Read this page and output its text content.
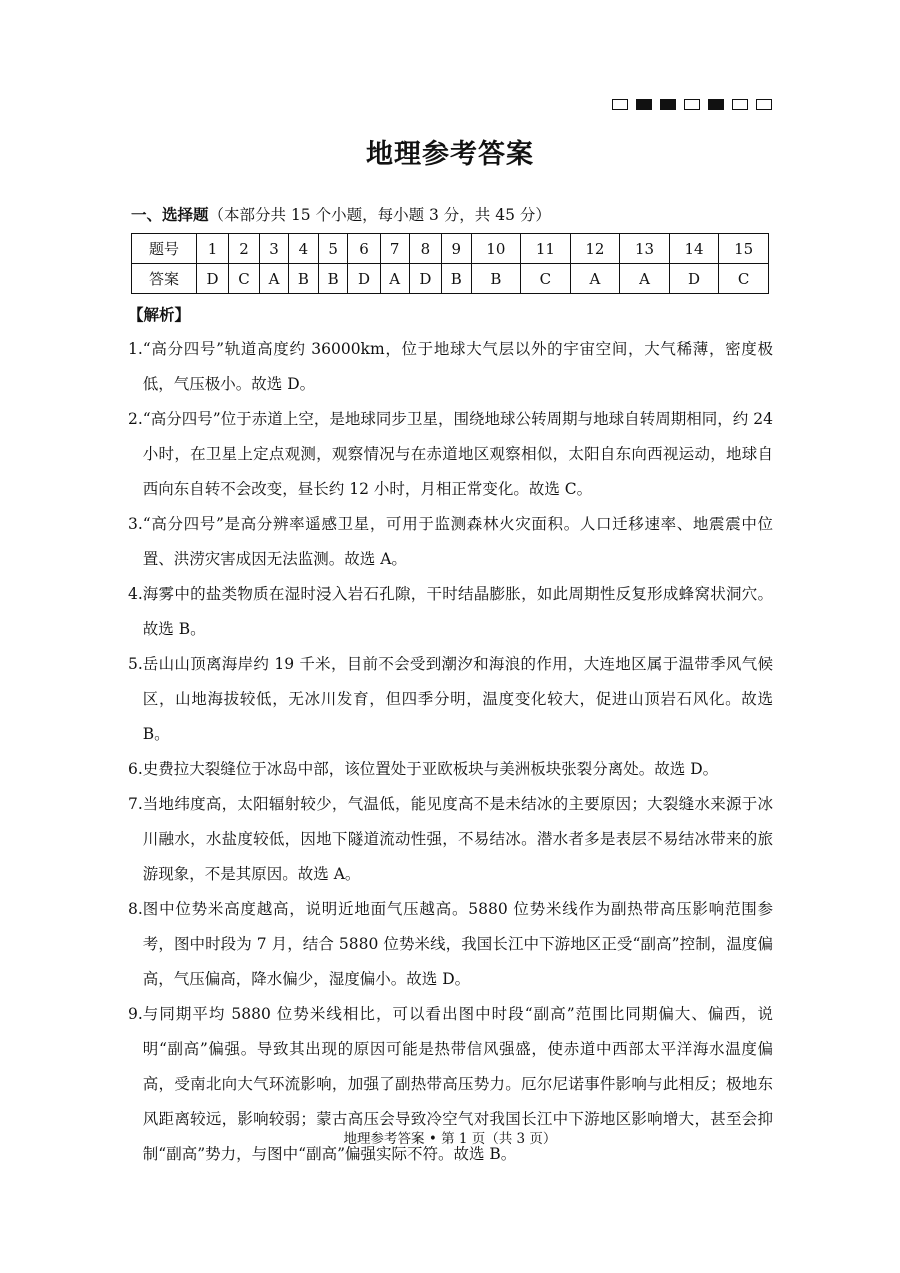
地理参考答案
一、选择题（本部分共 15 个小题，每小题 3 分，共 45 分）
题号	1	2	3	4	5	6	7	8	9	10	11	12	13	14	15
答案	D	C	A	B	B	D	A	D	B	B	C	A	A	D	C
【解析】
1. “高分四号”轨道高度约 36000km，位于地球大气层以外的宇宙空间，大气稀薄，密度极低，气压极小。故选 D。
2. “高分四号”位于赤道上空，是地球同步卫星，围绕地球公转周期与地球自转周期相同，约 24 小时，在卫星上定点观测，观察情况与在赤道地区观察相似，太阳自东向西视运动，地球自西向东自转不会改变，昼长约 12 小时，月相正常变化。故选 C。
3. “高分四号”是高分辨率遥感卫星，可用于监测森林火灾面积。人口迁移速率、地震震中位置、洪涝灾害成因无法监测。故选 A。
4. 海雾中的盐类物质在湿时浸入岩石孔隙，干时结晶膨胀，如此周期性反复形成蜂窝状洞穴。故选 B。
5. 岳山山顶离海岸约 19 千米，目前不会受到潮汐和海浪的作用，大连地区属于温带季风气候区，山地海拔较低，无冰川发育，但四季分明，温度变化较大，促进山顶岩石风化。故选 B。
6. 史费拉大裂缝位于冰岛中部，该位置处于亚欧板块与美洲板块张裂分离处。故选 D。
7. 当地纬度高，太阳辐射较少，气温低，能见度高不是未结冰的主要原因；大裂缝水来源于冰川融水，水盐度较低，因地下隧道流动性强，不易结冰。潜水者多是表层不易结冰带来的旅游现象，不是其原因。故选 A。
8. 图中位势米高度越高，说明近地面气压越高。5880 位势米线作为副热带高压影响范围参考，图中时段为 7 月，结合 5880 位势米线，我国长江中下游地区正受“副高”控制，温度偏高，气压偏高，降水偏少，湿度偏小。故选 D。
9. 与同期平均 5880 位势米线相比，可以看出图中时段“副高”范围比同期偏大、偏西，说明“副高”偏强。导致其出现的原因可能是热带信风强盛，使赤道中西部太平洋海水温度偏高，受南北向大气环流影响，加强了副热带高压势力。厄尔尼诺事件影响与此相反；极地东风距离较远，影响较弱；蒙古高压会导致冷空气对我国长江中下游地区影响增大，甚至会抑制“副高”势力，与图中“副高”偏强实际不符。故选 B。
地理参考答案 • 第 1 页（共 3 页）
